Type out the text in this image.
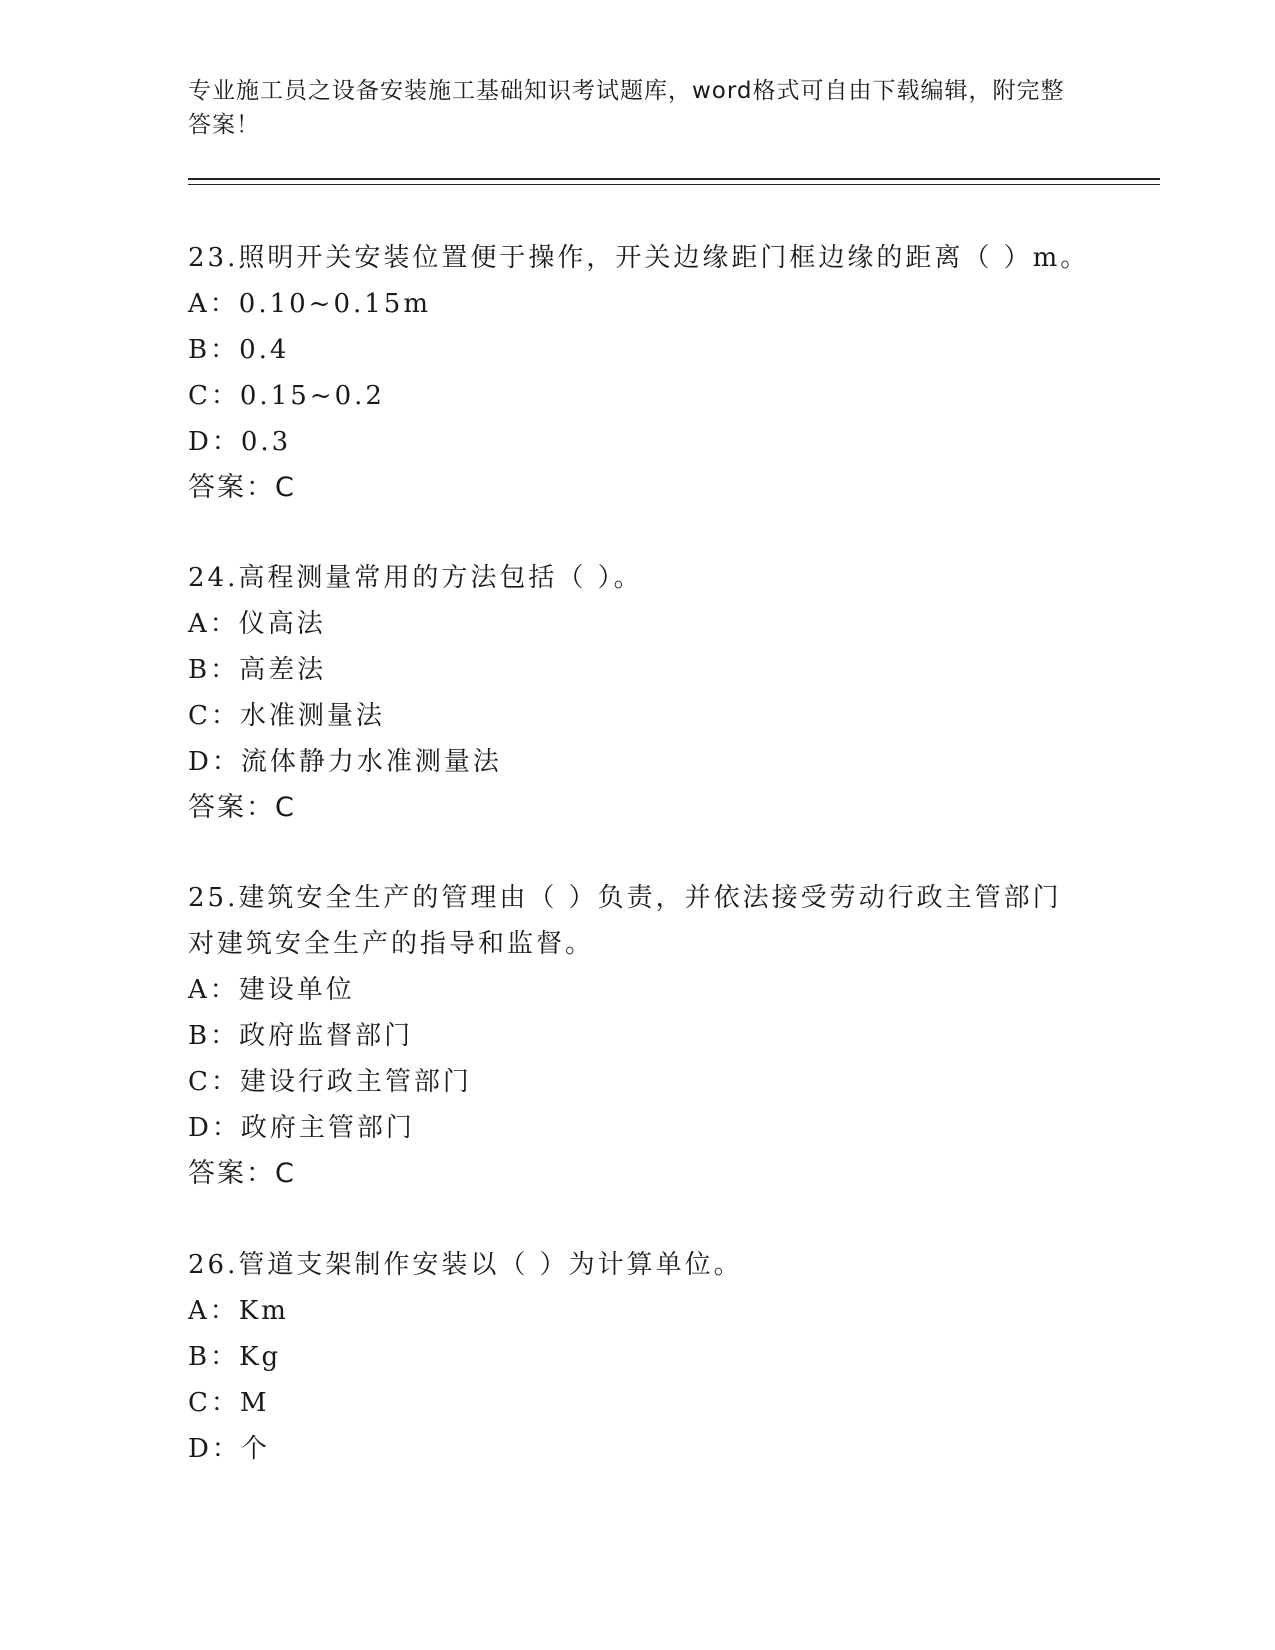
专业施工员之设备安装施工基础知识考试题库，word格式可自由下载编辑，附完整答案！
23.照明开关安装位置便于操作，开关边缘距门框边缘的距离（ ）m。
A：0.10~0.15m
B：0.4
C：0.15~0.2
D：0.3
答案：C
24.高程测量常用的方法包括（ ）。
A：仪高法
B：高差法
C：水准测量法
D：流体静力水准测量法
答案：C
25.建筑安全生产的管理由（ ）负责，并依法接受劳动行政主管部门
对建筑安全生产的指导和监督。
A：建设单位
B：政府监督部门
C：建设行政主管部门
D：政府主管部门
答案：C
26.管道支架制作安装以（ ）为计算单位。
A：Km
B：Kg
C：M
D：个
